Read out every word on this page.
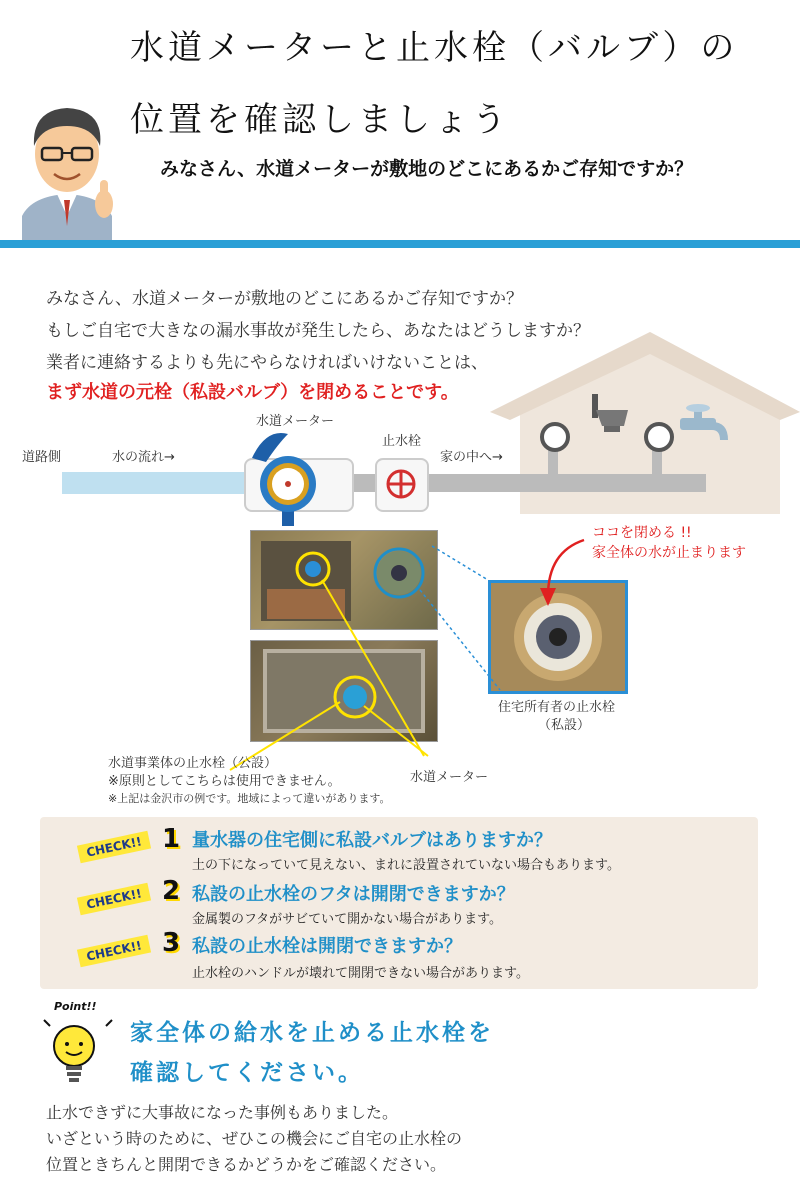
水道メーターと止水栓（バルブ）の
位置を確認しましょう
みなさん、水道メーターが敷地のどこにあるかご存知ですか？
みなさん、水道メーターが敷地のどこにあるかご存知ですか？
もしご自宅で大きなの漏水事故が発生したら、あなたはどうしますか？
業者に連絡するよりも先にやらなければいけないことは、
まず水道の元栓（私設バルブ）を閉めることです。
道路側	水の流れ→
水道メーター
止水栓
家の中へ→
ココを閉める !!
家全体の水が止まります
住宅所有者の止水栓
（私設）
水道事業体の止水栓（公設）
※原則としてこちらは使用できません。	水道メーター
※上記は金沢市の例です。地域によって違いがあります。
CHECK!! 1 量水器の住宅側に私設バルブはありますか？
土の下になっていて見えない、まれに設置されていない場合もあります。
CHECK!! 2 私設の止水栓のフタは開閉できますか？
金属製のフタがサビていて開かない場合があります。
CHECK!! 3 私設の止水栓は開閉できますか？
止水栓のハンドルが壊れて開閉できない場合があります。
Point!!
家全体の給水を止める止水栓を
確認してください。
止水できずに大事故になった事例もありました。
いざという時のために、ぜひこの機会にご自宅の止水栓の
位置ときちんと開閉できるかどうかをご確認ください。
